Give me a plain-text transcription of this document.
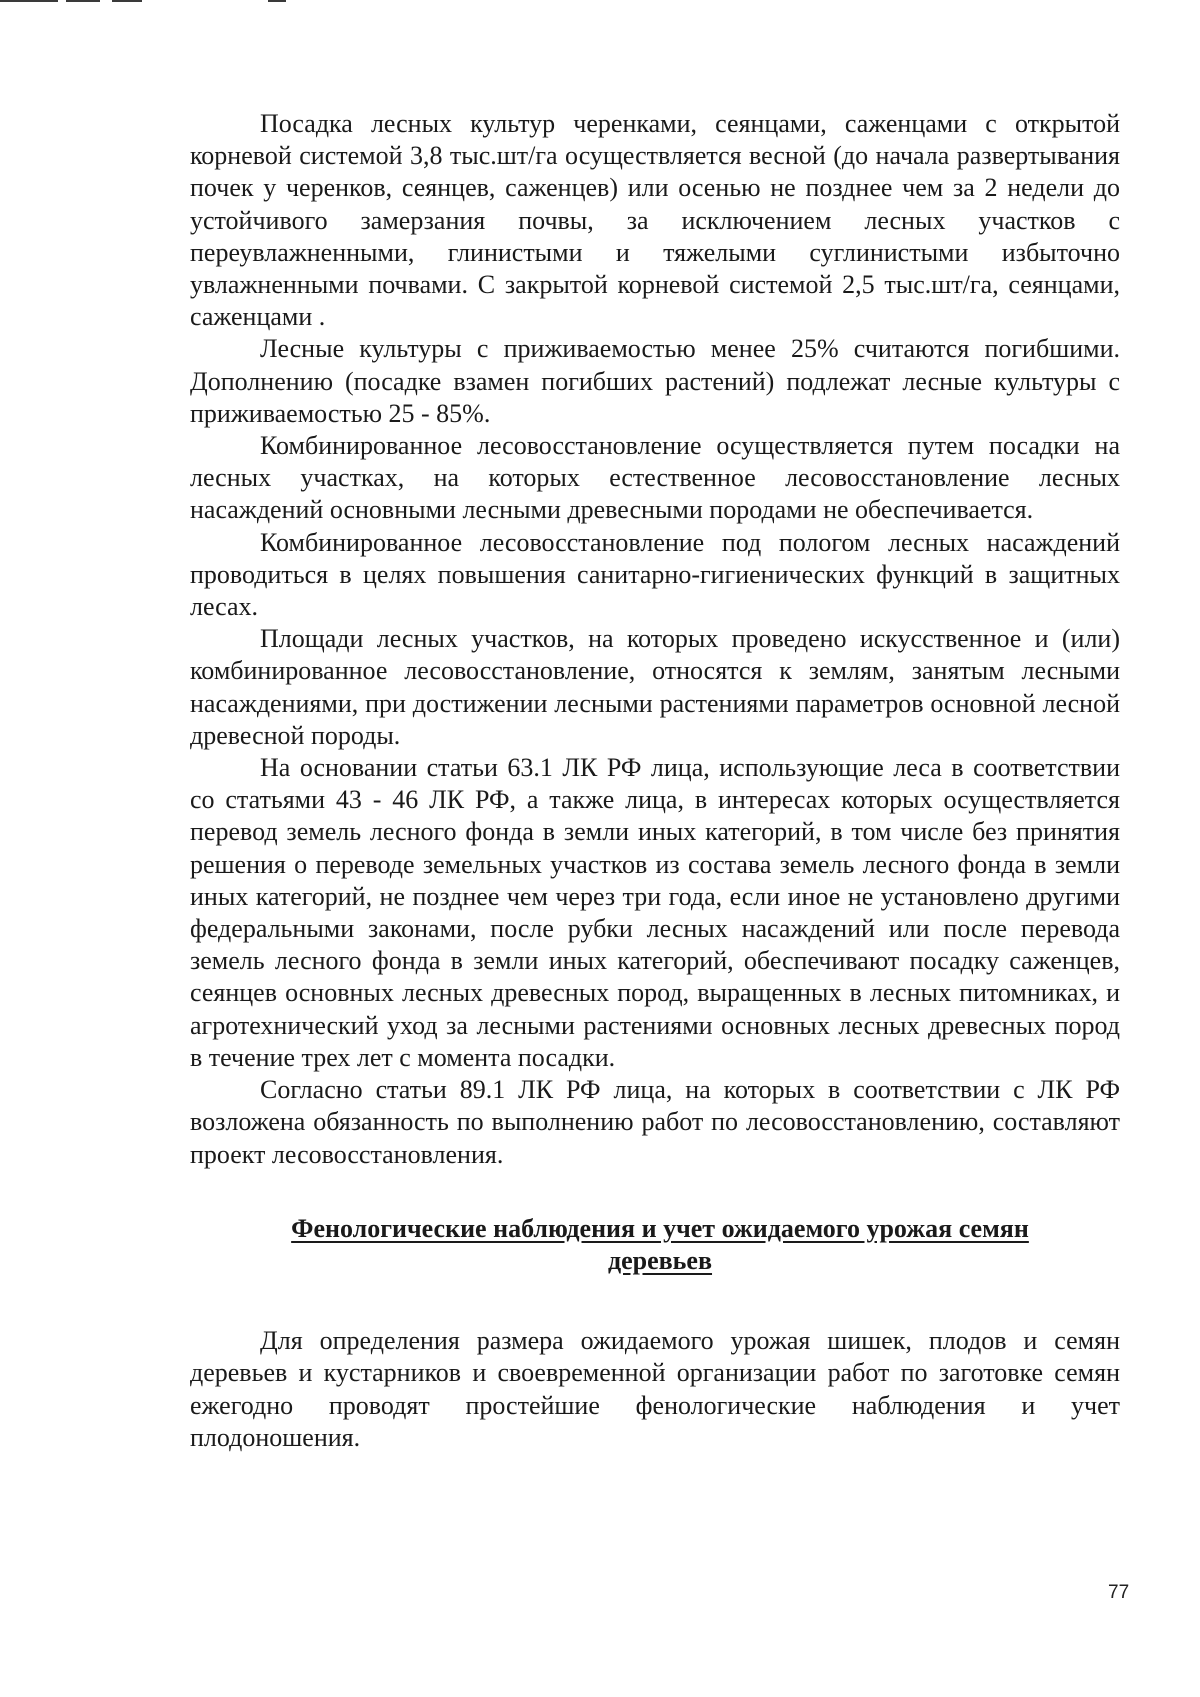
Посадка лесных культур черенками, сеянцами, саженцами с открытой корневой системой 3,8 тыс.шт/га осуществляется весной (до начала развертывания почек у черенков, сеянцев, саженцев) или осенью не позднее чем за 2 недели до устойчивого замерзания почвы, за исключением лесных участков с переувлажненными, глинистыми и тяжелыми суглинистыми избыточно увлажненными почвами. С закрытой корневой системой 2,5 тыс.шт/га, сеянцами, саженцами .

Лесные культуры с приживаемостью менее 25% считаются погибшими. Дополнению (посадке взамен погибших растений) подлежат лесные культуры с приживаемостью 25 - 85%.

Комбинированное лесовосстановление осуществляется путем посадки на лесных участках, на которых естественное лесовосстановление лесных насаждений основными лесными древесными породами не обеспечивается.

Комбинированное лесовосстановление под пологом лесных насаждений проводиться в целях повышения санитарно-гигиенических функций в защитных лесах.

Площади лесных участков, на которых проведено искусственное и (или) комбинированное лесовосстановление, относятся к землям, занятым лесными насаждениями, при достижении лесными растениями параметров основной лесной древесной породы.

На основании статьи 63.1 ЛК РФ лица, использующие леса в соответствии со статьями 43 - 46 ЛК РФ, а также лица, в интересах которых осуществляется перевод земель лесного фонда в земли иных категорий, в том числе без принятия решения о переводе земельных участков из состава земель лесного фонда в земли иных категорий, не позднее чем через три года, если иное не установлено другими федеральными законами, после рубки лесных насаждений или после перевода земель лесного фонда в земли иных категорий, обеспечивают посадку саженцев, сеянцев основных лесных древесных пород, выращенных в лесных питомниках, и агротехнический уход за лесными растениями основных лесных древесных пород в течение трех лет с момента посадки.

Согласно статьи 89.1 ЛК РФ лица, на которых в соответствии с ЛК РФ возложена обязанность по выполнению работ по лесовосстановлению, составляют проект лесовосстановления.

Фенологические наблюдения и учет ожидаемого урожая семян деревьев

Для определения размера ожидаемого урожая шишек, плодов и семян деревьев и кустарников и своевременной организации работ по заготовке семян ежегодно проводят простейшие фенологические наблюдения и учет плодоношения.

77
